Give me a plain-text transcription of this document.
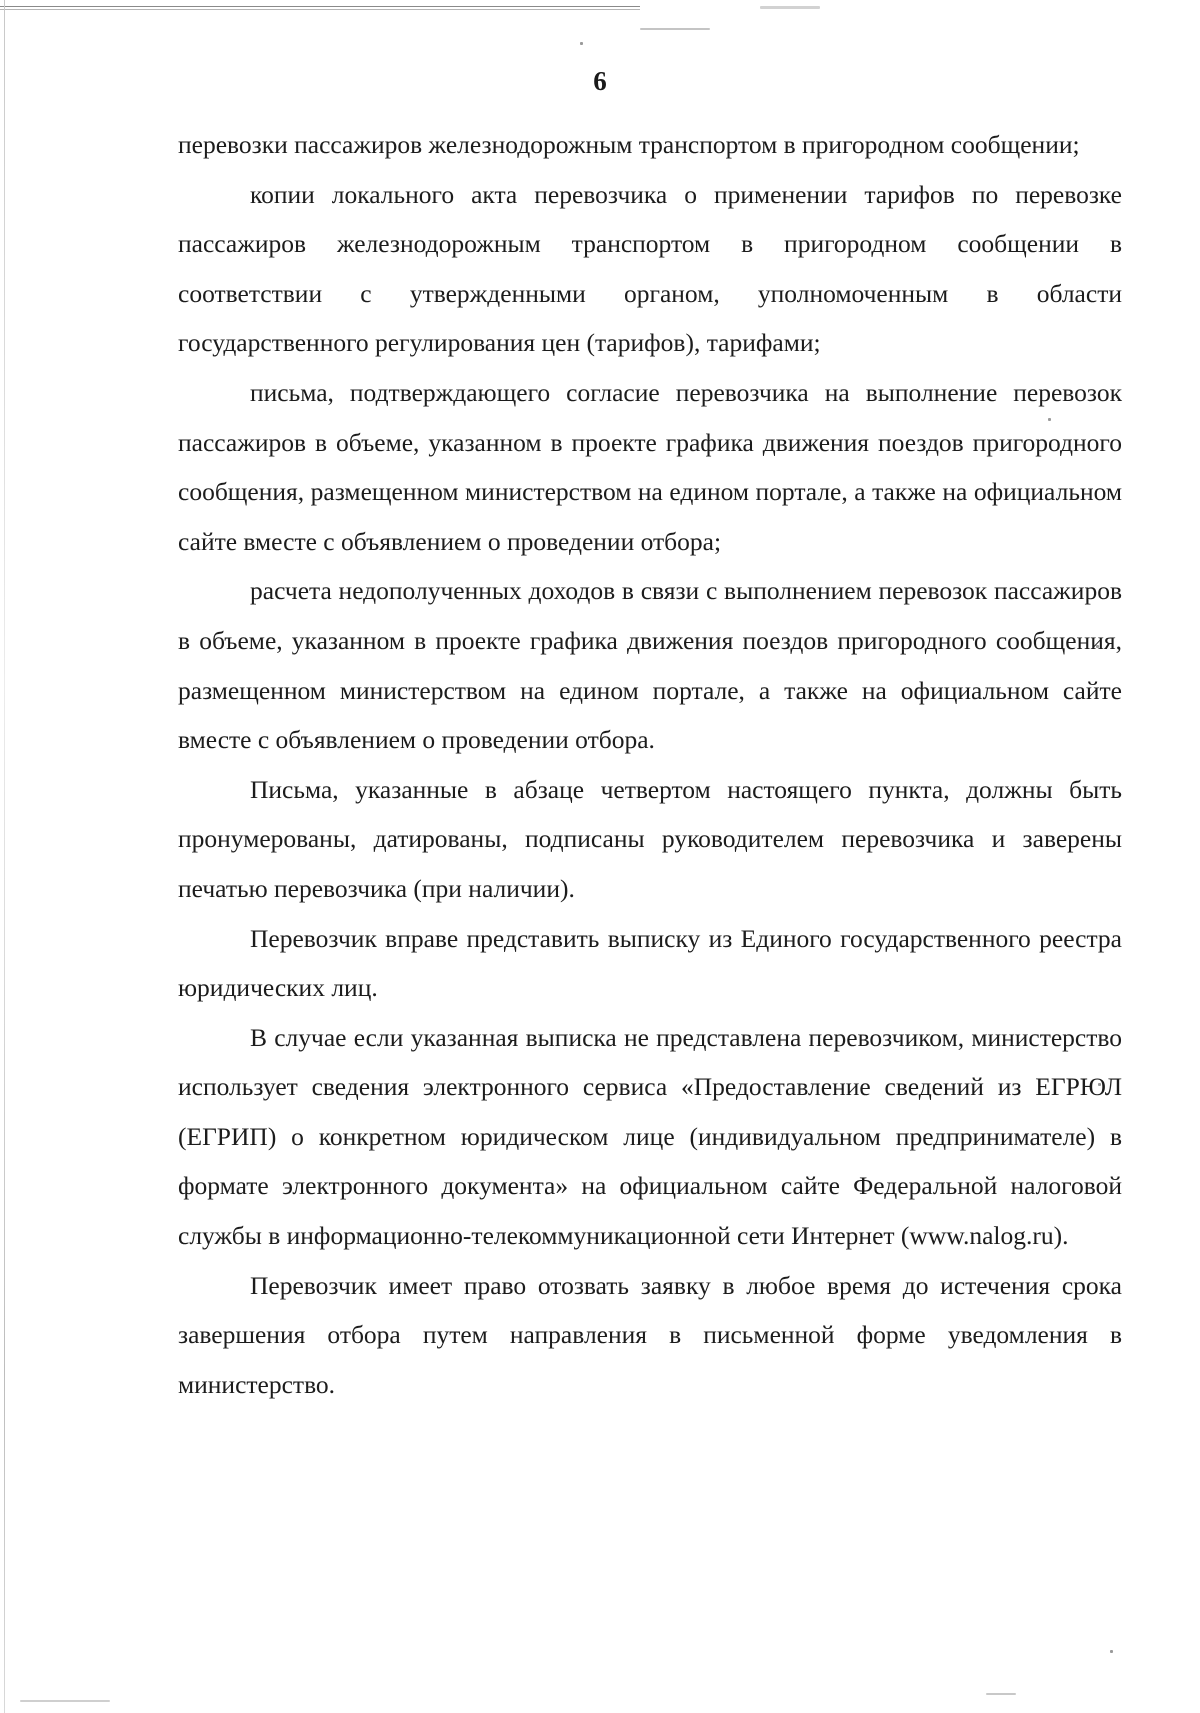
6

перевозки пассажиров железнодорожным транспортом в пригородном сообщении;

копии локального акта перевозчика о применении тарифов по перевозке пассажиров железнодорожным транспортом в пригородном сообщении в соответствии с утвержденными органом, уполномоченным в области государственного регулирования цен (тарифов), тарифами;

письма, подтверждающего согласие перевозчика на выполнение перевозок пассажиров в объеме, указанном в проекте графика движения поездов пригородного сообщения, размещенном министерством на едином портале, а также на официальном сайте вместе с объявлением о проведении отбора;

расчета недополученных доходов в связи с выполнением перевозок пассажиров в объеме, указанном в проекте графика движения поездов пригородного сообщения, размещенном министерством на едином портале, а также на официальном сайте вместе с объявлением о проведении отбора.

Письма, указанные в абзаце четвертом настоящего пункта, должны быть пронумерованы, датированы, подписаны руководителем перевозчика и заверены печатью перевозчика (при наличии).

Перевозчик вправе представить выписку из Единого государственного реестра юридических лиц.

В случае если указанная выписка не представлена перевозчиком, министерство использует сведения электронного сервиса «Предоставление сведений из ЕГРЮЛ (ЕГРИП) о конкретном юридическом лице (индивидуальном предпринимателе) в формате электронного документа» на официальном сайте Федеральной налоговой службы в информационно-телекоммуникационной сети Интернет (www.nalog.ru).

Перевозчик имеет право отозвать заявку в любое время до истечения срока завершения отбора путем направления в письменной форме уведомления в министерство.
